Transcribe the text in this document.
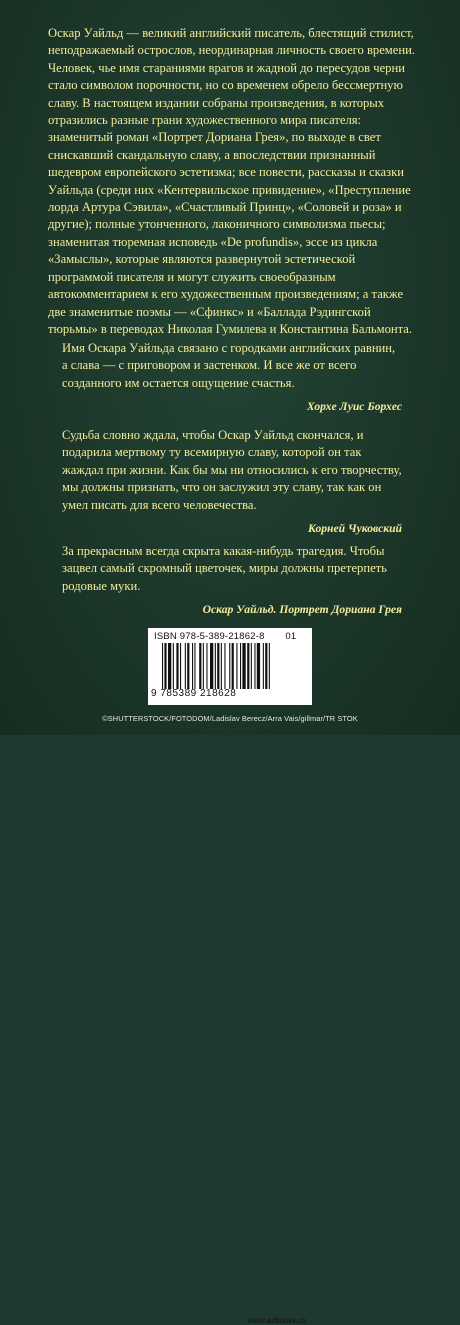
Оскар Уайльд — великий английский писатель, блестящий стилист, неподражаемый острослов, неординарная личность своего времени. Человек, чье имя стараниями врагов и жадной до пересудов черни стало символом порочности, но со временем обрело бессмертную славу. В настоящем издании собраны произведения, в которых отразились разные грани художественного мира писателя: знаменитый роман «Портрет Дориана Грея», по выходе в свет снискавший скандальную славу, а впоследствии признанный шедевром европейского эстетизма; все повести, рассказы и сказки Уайльда (среди них «Кентервильское привидение», «Преступление лорда Артура Сэвила», «Счастливый Принц», «Соловей и роза» и другие); полные утонченного, лаконичного символизма пьесы; знаменитая тюремная исповедь «De profundis», эссе из цикла «Замыслы», которые являются развернутой эстетической программой писателя и могут служить своеобразным автокомментарием к его художественным произведениям; а также две знаменитые поэмы — «Сфинкс» и «Баллада Рэдингской тюрьмы» в переводах Николая Гумилева и Константина Бальмонта.
Имя Оскара Уайльда связано с городками английских равнин, а слава — с приговором и застенком. И все же от всего созданного им остается ощущение счастья.
Хорхе Луис Борхес
Судьба словно ждала, чтобы Оскар Уайльд скончался, и подарила мертвому ту всемирную славу, которой он так жаждал при жизни. Как бы мы ни относились к его творчеству, мы должны признать, что он заслужил эту славу, так как он умел писать для всего человечества.
Корней Чуковский
За прекрасным всегда скрыта какая-нибудь трагедия. Чтобы зацвел самый скромный цветочек, миры должны претерпеть родовые муки.
Оскар Уайльд. Портрет Дориана Грея
ISBN 978-5-389-21862-8 01
9 785389 218628
www.azbooka.ru
©SHUTTERSTOCK/FOTODOM/Ladislav Berecz/Arra Vais/gillmar/TR STOK
